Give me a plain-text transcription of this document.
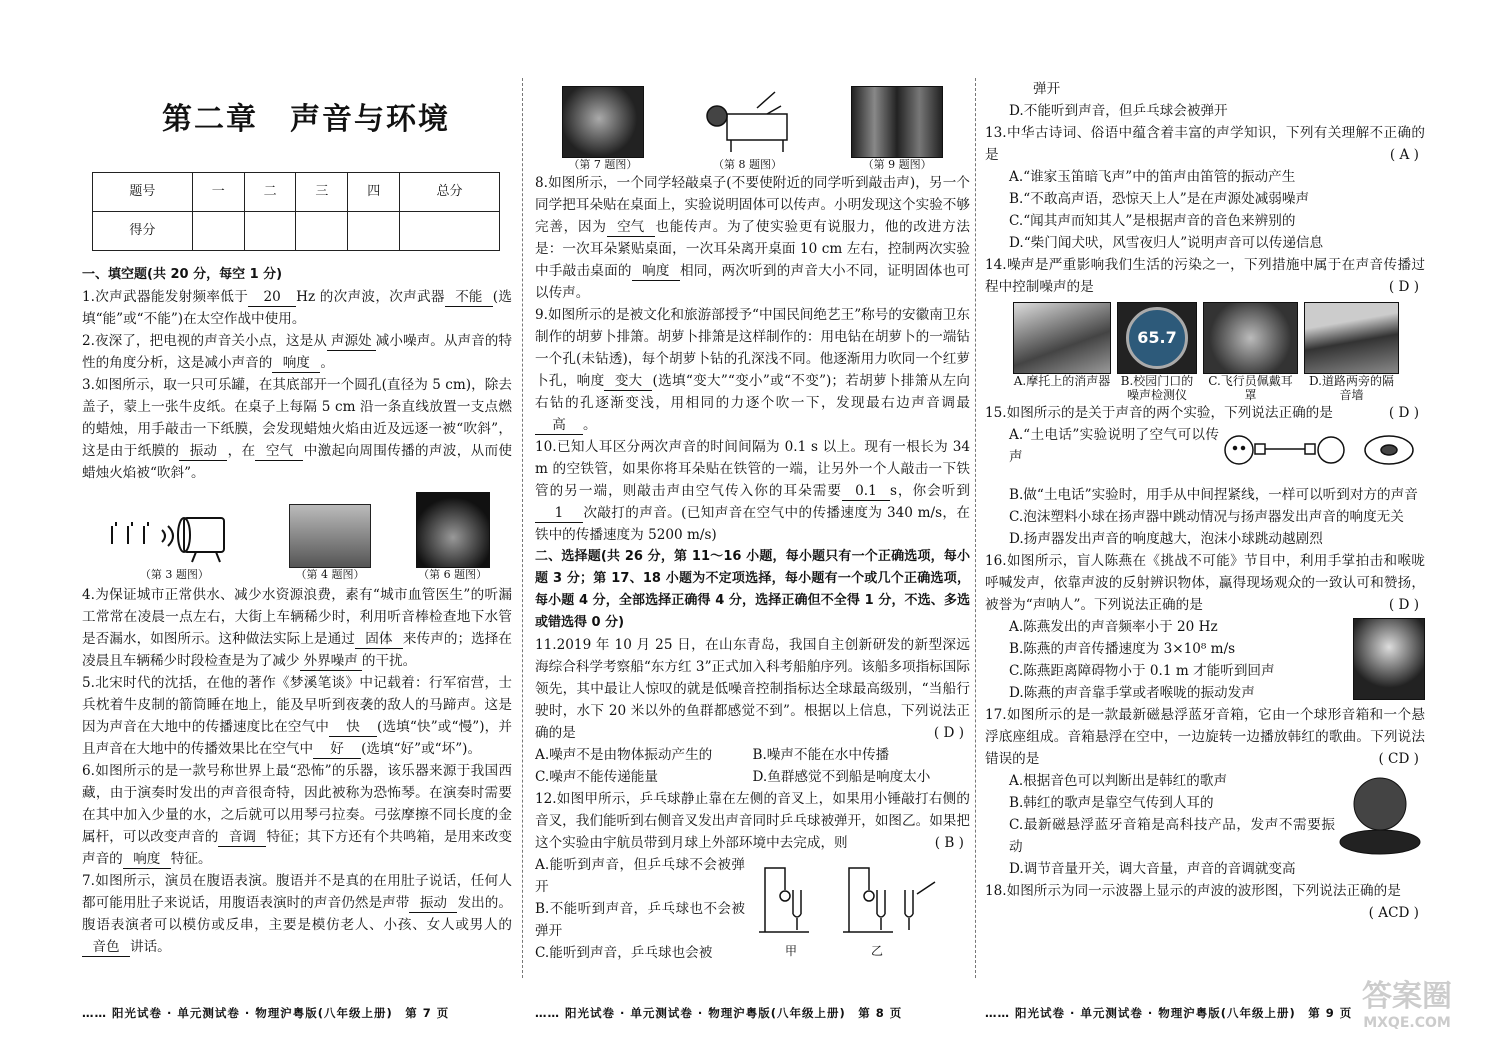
第二章　声音与环境
题号	一	二	三	四	总分
得分					

一、填空题(共 20 分，每空 1 分)

1.次声武器能发射频率低于 20 Hz 的次声波，次声武器 不能 (选填“能”或“不能”)在太空作战中使用。

2.夜深了，把电视的声音关小点，这是从 声源处 减小噪声。从声音的特性的角度分析，这是减小声音的 响度 。

3.如图所示，取一只可乐罐，在其底部开一个圆孔(直径为 5 cm)，除去盖子，蒙上一张牛皮纸。在桌子上每隔 5 cm 沿一条直线放置一支点燃的蜡烛，用手敲击一下纸膜，会发现蜡烛火焰由近及远逐一被“吹斜”，这是由于纸膜的 振动 ，在 空气 中激起向周围传播的声波，从而使蜡烛火焰被“吹斜”。

（第 3 题图）	（第 4 题图）	（第 6 题图）

4.为保证城市正常供水、减少水资源浪费，素有“城市血管医生”的听漏工常常在凌晨一点左右，大街上车辆稀少时，利用听音棒检查地下水管是否漏水，如图所示。这种做法实际上是通过 固体 来传声的；选择在凌晨且车辆稀少时段检查是为了减少 外界噪声 的干扰。

5.北宋时代的沈括，在他的著作《梦溪笔谈》中记载着：行军宿营，士兵枕着牛皮制的箭筒睡在地上，能及早听到夜袭的敌人的马蹄声。这是因为声音在大地中的传播速度比在空气中 快 (选填“快”或“慢”)，并且声音在大地中的传播效果比在空气中 好 (选填“好”或“坏”)。

6.如图所示的是一款号称世界上最“恐怖”的乐器，该乐器来源于我国西藏，由于演奏时发出的声音很奇特，因此被称为恐怖琴。在演奏时需要在其中加入少量的水，之后就可以用琴弓拉奏。弓弦摩擦不同长度的金属杆，可以改变声音的 音调 特征；其下方还有个共鸣箱，是用来改变声音的 响度 特征。

7.如图所示，演员在腹语表演。腹语并不是真的在用肚子说话，任何人都可能用肚子来说话，用腹语表演时的声音仍然是声带 振动 发出的。腹语表演者可以模仿或反串，主要是模仿老人、小孩、女人或男人的音色 讲话。

…… 阳光试卷 · 单元测试卷 · 物理沪粤版(八年级上册)　第 7 页
（第 7 题图）	（第 8 题图）	（第 9 题图）

8.如图所示，一个同学轻敲桌子(不要使附近的同学听到敲击声)，另一个同学把耳朵贴在桌面上，实验说明固体可以传声。小明发现这个实验不够完善，因为 空气 也能传声。为了使实验更有说服力，他的改进方法是：一次耳朵紧贴桌面，一次耳朵离开桌面 10 cm 左右，控制两次实验中手敲击桌面的 响度 相同，两次听到的声音大小不同，证明固体也可以传声。

9.如图所示的是被文化和旅游部授予“中国民间绝艺王”称号的安徽南卫东制作的胡萝卜排箫。胡萝卜排箫是这样制作的：用电钻在胡萝卜的一端钻一个孔(未钻透)，每个胡萝卜钻的孔深浅不同。他逐渐用力吹同一个红萝卜孔，响度 变大 (选填“变大”“变小”或“不变”)；若胡萝卜排箫从左向右钻的孔逐渐变浅，用相同的力逐个吹一下，发现最右边声音调最高 。

10.已知人耳区分两次声音的时间间隔为 0.1 s 以上。现有一根长为 34 m 的空铁管，如果你将耳朵贴在铁管的一端，让另外一个人敲击一下铁管的另一端，则敲击声由空气传入你的耳朵需要 0.1 s，你会听到1 次敲打的声音。(已知声音在空气中的传播速度为 340 m/s，在铁中的传播速度为 5200 m/s)

二、选择题(共 26 分，第 11～16 小题，每小题只有一个正确选项，每小题 3 分；第 17、18 小题为不定项选择，每小题有一个或几个正确选项，每小题 4 分，全部选择正确得 4 分，选择正确但不全得 1 分，不选、多选或错选得 0 分)

11.2019 年 10 月 25 日，在山东青岛，我国自主创新研发的新型深远海综合科学考察船“东方红 3”正式加入科考船舶序列。该船多项指标国际领先，其中最让人惊叹的就是低噪音控制指标达全球最高级别，“当船行驶时，水下 20 米以外的鱼群都感觉不到”。根据以上信息，下列说法正确的是	( D )

A.噪声不是由物体振动产生的	B.噪声不能在水中传播
C.噪声不能传递能量	D.鱼群感觉不到船是响度太小

12.如图甲所示，乒乓球静止靠在左侧的音叉上，如果用小锤敲打右侧的音叉，我们能听到右侧音叉发出声音同时乒乓球被弹开，如图乙。如果把这个实验由宇航员带到月球上外部环境中去完成，则	( B )

A.能听到声音，但乒乓球不会被弹开

B.不能听到声音，乒乓球也不会被弹开

C.能听到声音，乒乓球也会被	甲	乙
…… 阳光试卷 · 单元测试卷 · 物理沪粤版(八年级上册)　第 8 页

弹开

D.不能听到声音，但乒乓球会被弹开

13.中华古诗词、俗语中蕴含着丰富的声学知识，下列有关理解不正确的是	( A )

A.“谁家玉笛暗飞声”中的笛声由笛管的振动产生

B.“不敢高声语，恐惊天上人”是在声源处减弱噪声

C.“闻其声而知其人”是根据声音的音色来辨别的

D.“柴门闻犬吠，风雪夜归人”说明声音可以传递信息

14.噪声是严重影响我们生活的污染之一，下列措施中属于在声音传播过程中控制噪声的是	( D )

A.摩托上的消声器
65.7
B.校园门口的噪声检测仪
C.飞行员佩戴耳罩
D.道路两旁的隔音墙

15.如图所示的是关于声音的两个实验，下列说法正确的是	( D )

A.“土电话”实验说明了空气可以传声

B.做“土电话”实验时，用手从中间捏紧线，一样可以听到对方的声音

C.泡沫塑料小球在扬声器中跳动情况与扬声器发出声音的响度无关

D.扬声器发出声音的响度越大，泡沫小球跳动越剧烈

16.如图所示，盲人陈燕在《挑战不可能》节目中，利用手掌拍击和喉咙呼喊发声，依靠声波的反射辨识物体，赢得现场观众的一致认可和赞扬，被誉为“声呐人”。下列说法正确的是	( D )

A.陈燕发出的声音频率小于 20 Hz

B.陈燕的声音传播速度为 3×10⁸ m/s

C.陈燕距离障碍物小于 0.1 m 才能听到回声

D.陈燕的声音靠手掌或者喉咙的振动发声

17.如图所示的是一款最新磁悬浮蓝牙音箱，它由一个球形音箱和一个悬浮底座组成。音箱悬浮在空中，一边旋转一边播放韩红的歌曲。下列说法错误的是	( CD )

A.根据音色可以判断出是韩红的歌声

B.韩红的歌声是靠空气传到人耳的

C.最新磁悬浮蓝牙音箱是高科技产品，发声不需要振动

D.调节音量开关，调大音量，声音的音调就变高

18.如图所示为同一示波器上显示的声波的波形图，下列说法正确的是
( ACD )

…… 阳光试卷 · 单元测试卷 · 物理沪粤版(八年级上册)　第 9 页 答案圈
MXQE.COM
